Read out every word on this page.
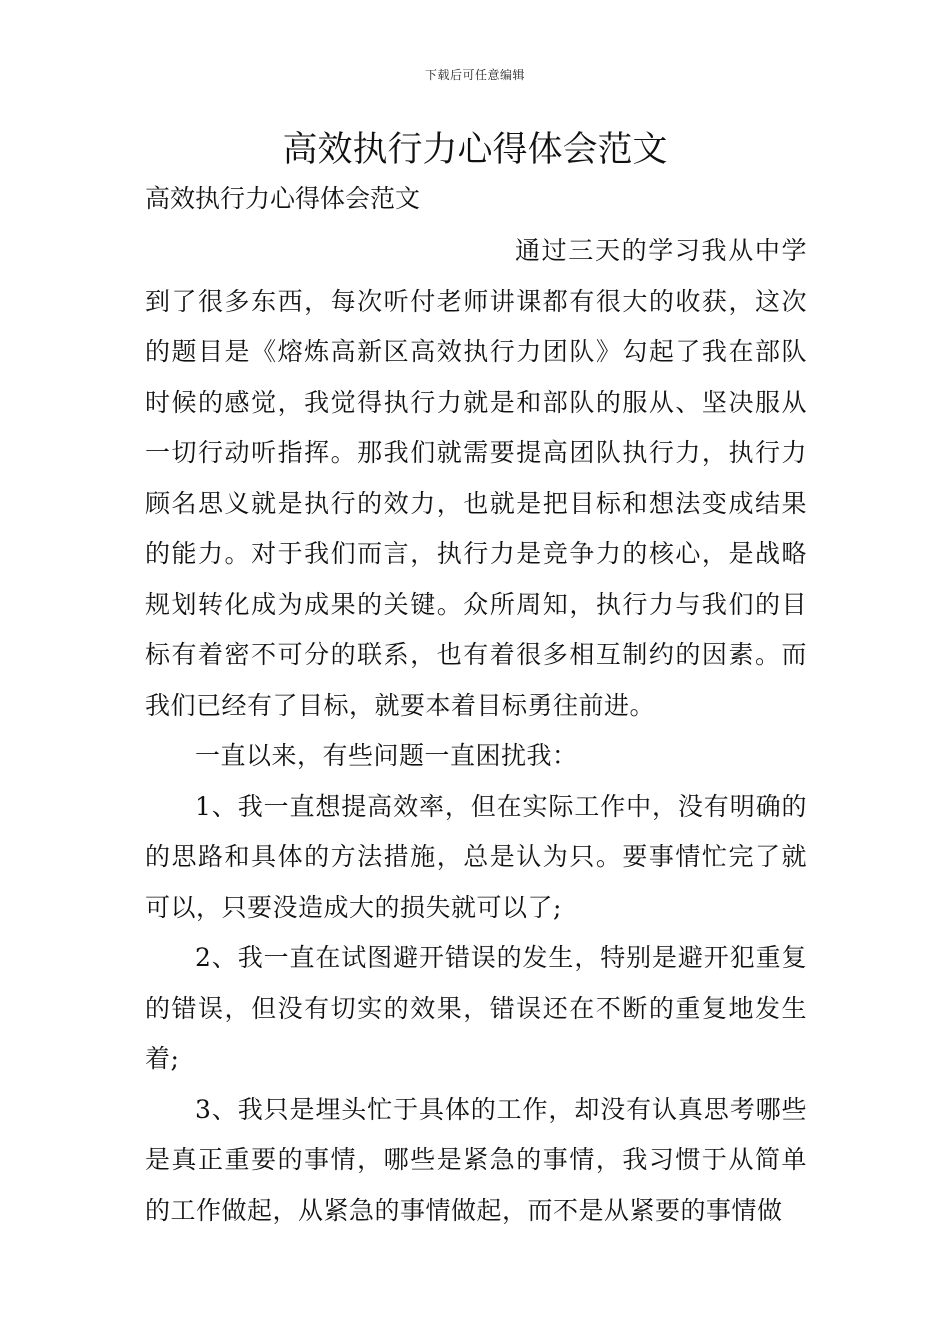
下载后可任意编辑
高效执行力心得体会范文

高效执行力心得体会范文

通过三天的学习我从中学到了很多东西，每次听付老师讲课都有很大的收获，这次的题目是《熔炼高新区高效执行力团队》勾起了我在部队时候的感觉，我觉得执行力就是和部队的服从、坚决服从一切行动听指挥。那我们就需要提高团队执行力，执行力顾名思义就是执行的效力，也就是把目标和想法变成结果的能力。对于我们而言，执行力是竞争力的核心，是战略规划转化成为成果的关键。众所周知，执行力与我们的目标有着密不可分的联系，也有着很多相互制约的因素。而我们已经有了目标，就要本着目标勇往前进。

一直以来，有些问题一直困扰我：

1、我一直想提高效率，但在实际工作中，没有明确的的思路和具体的方法措施，总是认为只。要事情忙完了就可以，只要没造成大的损失就可以了;

2、我一直在试图避开错误的发生，特别是避开犯重复的错误，但没有切实的效果，错误还在不断的重复地发生着;

3、我只是埋头忙于具体的工作，却没有认真思考哪些是真正重要的事情，哪些是紧急的事情，我习惯于从简单的工作做起，从紧急的事情做起，而不是从紧要的事情做
